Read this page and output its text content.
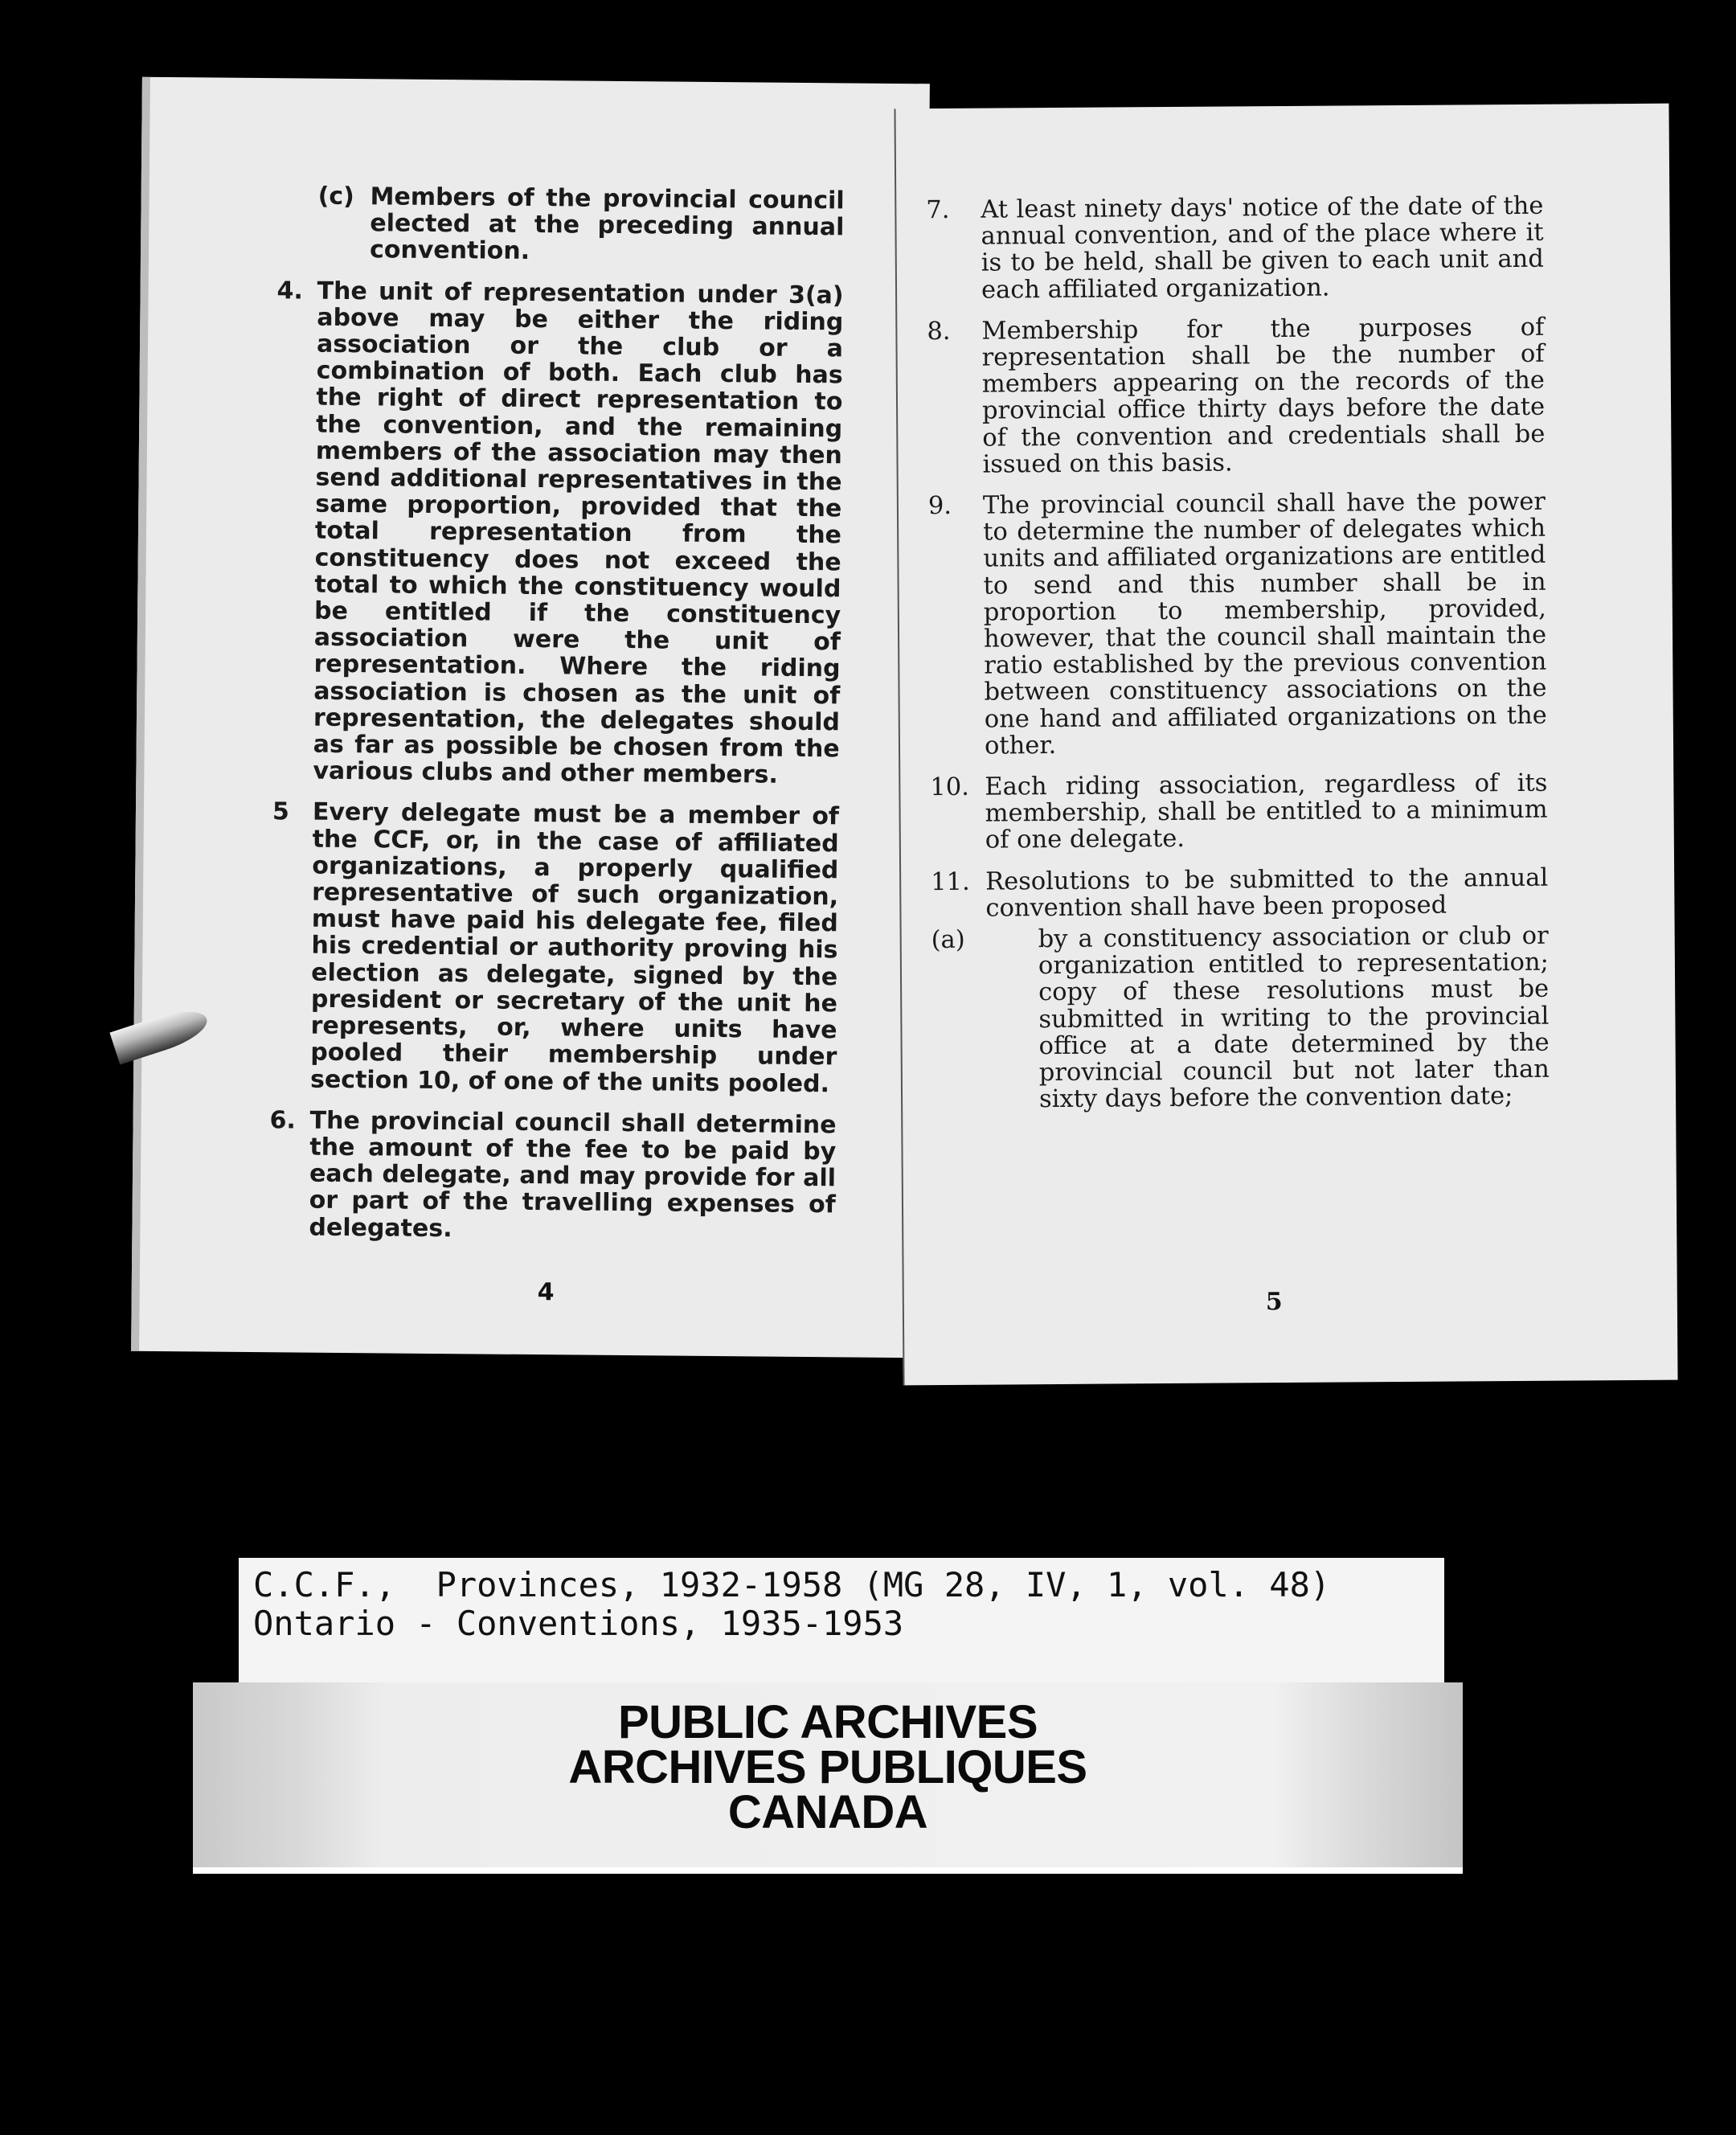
(c) Members of the provincial council elected at the preceding annual convention.
4. The unit of representation under 3(a) above may be either the riding association or the club or a combination of both. Each club has the right of direct representation to the convention, and the remaining members of the association may then send additional representatives in the same proportion, provided that the total representation from the constituency does not exceed the total to which the constituency would be entitled if the constituency association were the unit of representation. Where the riding association is chosen as the unit of representation, the delegates should as far as possible be chosen from the various clubs and other members.
5 Every delegate must be a member of the CCF, or, in the case of affiliated organizations, a properly qualified representative of such organization, must have paid his delegate fee, filed his credential or authority proving his election as delegate, signed by the president or secretary of the unit he represents, or, where units have pooled their membership under section 10, of one of the units pooled.
6. The provincial council shall determine the amount of the fee to be paid by each delegate, and may provide for all or part of the travelling expenses of delegates.
4
7. At least ninety days' notice of the date of the annual convention, and of the place where it is to be held, shall be given to each unit and each affiliated organization.
8. Membership for the purposes of representation shall be the number of members appearing on the records of the provincial office thirty days before the date of the convention and credentials shall be issued on this basis.
9. The provincial council shall have the power to determine the number of delegates which units and affiliated organizations are entitled to send and this number shall be in proportion to membership, provided, however, that the council shall maintain the ratio established by the previous convention between constituency associations on the one hand and affiliated organizations on the other.
10. Each riding association, regardless of its membership, shall be entitled to a minimum of one delegate.
11. Resolutions to be submitted to the annual convention shall have been proposed
(a)	by a constituency association or club or organization entitled to representation; copy of these resolutions must be submitted in writing to the provincial office at a date determined by the provincial council but not later than sixty days before the convention date;
5
C.C.F.,  Provinces, 1932-1958 (MG 28, IV, 1, vol. 48)
Ontario - Conventions, 1935-1953
PUBLIC ARCHIVES
ARCHIVES PUBLIQUES
CANADA
